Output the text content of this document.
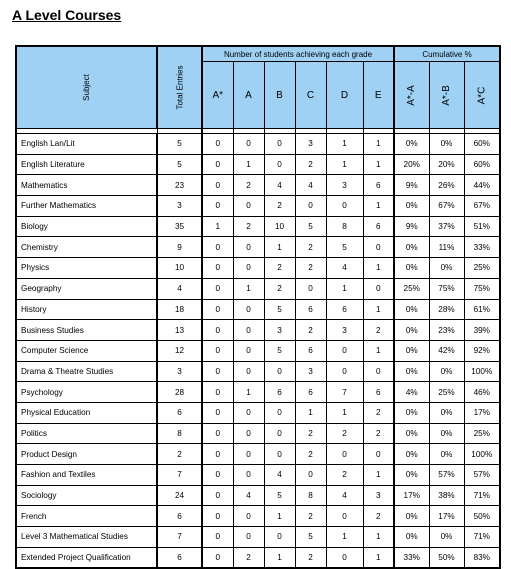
A Level Courses
Subject	Total Entries	Number of students achieving each grade						Cumulative %		
		A*	A	B	C	D	E	A*-A	A*-B	A*C

English Lan/Lit	5	0	0	0	3	1	1	0%	0%	60%
English Literature	5	0	1	0	2	1	1	20%	20%	60%
Mathematics	23	0	2	4	4	3	6	9%	26%	44%
Further Mathematics	3	0	0	2	0	0	1	0%	67%	67%
Biology	35	1	2	10	5	8	6	9%	37%	51%
Chemistry	9	0	0	1	2	5	0	0%	11%	33%
Physics	10	0	0	2	2	4	1	0%	0%	25%
Geography	4	0	1	2	0	1	0	25%	75%	75%
History	18	0	0	5	6	6	1	0%	28%	61%
Business Studies	13	0	0	3	2	3	2	0%	23%	39%
Computer Science	12	0	0	5	6	0	1	0%	42%	92%
Drama & Theatre Studies	3	0	0	0	3	0	0	0%	0%	100%
Psychology	28	0	1	6	6	7	6	4%	25%	46%
Physical Education	6	0	0	0	1	1	2	0%	0%	17%
Politics	8	0	0	0	2	2	2	0%	0%	25%
Product Design	2	0	0	0	2	0	0	0%	0%	100%
Fashion and Textiles	7	0	0	4	0	2	1	0%	57%	57%
Sociology	24	0	4	5	8	4	3	17%	38%	71%
French	6	0	0	1	2	0	2	0%	17%	50%
Level 3 Mathematical Studies	7	0	0	0	5	1	1	0%	0%	71%
Extended Project Qualification	6	0	2	1	2	0	1	33%	50%	83%
